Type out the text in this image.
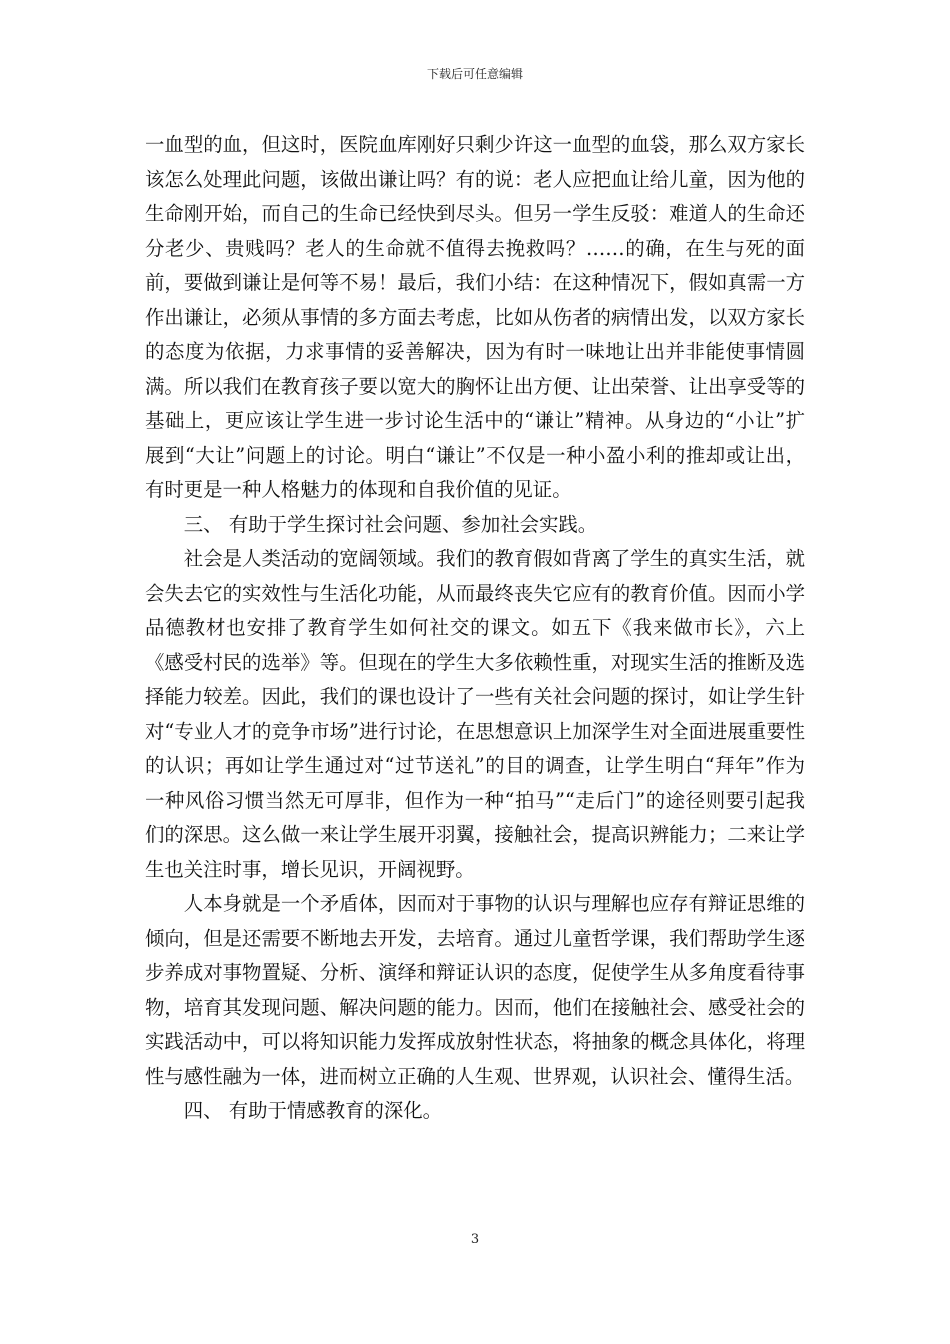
下载后可任意编辑

一血型的血，但这时，医院血库刚好只剩少许这一血型的血袋，那么双方家长该怎么处理此问题，该做出谦让吗？有的说：老人应把血让给儿童，因为他的生命刚开始，而自己的生命已经快到尽头。但另一学生反驳：难道人的生命还分老少、贵贱吗？老人的生命就不值得去挽救吗？……的确，在生与死的面前，要做到谦让是何等不易！最后，我们小结：在这种情况下，假如真需一方作出谦让，必须从事情的多方面去考虑，比如从伤者的病情出发，以双方家长的态度为依据，力求事情的妥善解决，因为有时一味地让出并非能使事情圆满。所以我们在教育孩子要以宽大的胸怀让出方便、让出荣誉、让出享受等的基础上，更应该让学生进一步讨论生活中的“谦让”精神。从身边的“小让”扩展到“大让”问题上的讨论。明白“谦让”不仅是一种小盈小利的推却或让出，有时更是一种人格魅力的体现和自我价值的见证。

三、 有助于学生探讨社会问题、参加社会实践。

社会是人类活动的宽阔领域。我们的教育假如背离了学生的真实生活，就会失去它的实效性与生活化功能，从而最终丧失它应有的教育价值。因而小学品德教材也安排了教育学生如何社交的课文。如五下《我来做市长》，六上《感受村民的选举》等。但现在的学生大多依赖性重，对现实生活的推断及选择能力较差。因此，我们的课也设计了一些有关社会问题的探讨，如让学生针对“专业人才的竞争市场”进行讨论，在思想意识上加深学生对全面进展重要性的认识；再如让学生通过对“过节送礼”的目的调查，让学生明白“拜年”作为一种风俗习惯当然无可厚非，但作为一种“拍马”“走后门”的途径则要引起我们的深思。这么做一来让学生展开羽翼，接触社会，提高识辨能力；二来让学生也关注时事，增长见识，开阔视野。

人本身就是一个矛盾体，因而对于事物的认识与理解也应存有辩证思维的倾向，但是还需要不断地去开发，去培育。通过儿童哲学课，我们帮助学生逐步养成对事物置疑、分析、演绎和辩证认识的态度，促使学生从多角度看待事物，培育其发现问题、解决问题的能力。因而，他们在接触社会、感受社会的实践活动中，可以将知识能力发挥成放射性状态，将抽象的概念具体化，将理性与感性融为一体，进而树立正确的人生观、世界观，认识社会、懂得生活。

四、 有助于情感教育的深化。

3
